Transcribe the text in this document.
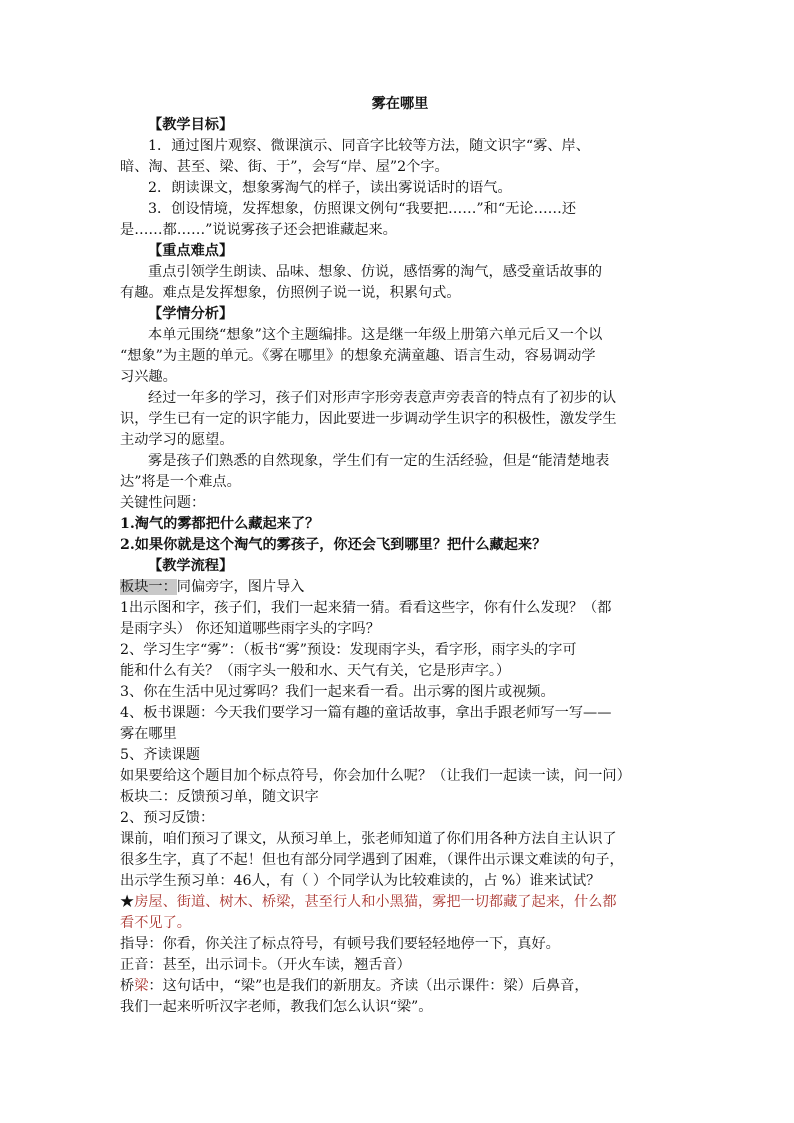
雾在哪里
【教学目标】
1．通过图片观察、微课演示、同音字比较等方法，随文识字“雾、岸、
暗、淘、甚至、梁、街、于”，会写“岸、屋”2个字。
2．朗读课文，想象雾淘气的样子，读出雾说话时的语气。
3．创设情境，发挥想象，仿照课文例句“我要把……”和“无论……还
是……都……”说说雾孩子还会把谁藏起来。
【重点难点】
重点引领学生朗读、品味、想象、仿说，感悟雾的淘气，感受童话故事的
有趣。难点是发挥想象，仿照例子说一说，积累句式。
【学情分析】
本单元围绕“想象”这个主题编排。这是继一年级上册第六单元后又一个以
“想象”为主题的单元。《雾在哪里》的想象充满童趣、语言生动，容易调动学
习兴趣。
经过一年多的学习，孩子们对形声字形旁表意声旁表音的特点有了初步的认
识，学生已有一定的识字能力，因此要进一步调动学生识字的积极性，激发学生
主动学习的愿望。
雾是孩子们熟悉的自然现象，学生们有一定的生活经验，但是“能清楚地表
达”将是一个难点。
关键性问题：
1.淘气的雾都把什么藏起来了？
2.如果你就是这个淘气的雾孩子，你还会飞到哪里？把什么藏起来？
【教学流程】
板块一：同偏旁字，图片导入
1出示图和字，孩子们，我们一起来猜一猜。看看这些字，你有什么发现？（都
是雨字头） 你还知道哪些雨字头的字吗？
2、学习生字“雾”：（板书“雾”预设：发现雨字头，看字形，雨字头的字可
能和什么有关？（雨字头一般和水、天气有关，它是形声字。）
3、你在生活中见过雾吗？我们一起来看一看。出示雾的图片或视频。
4、板书课题：今天我们要学习一篇有趣的童话故事，拿出手跟老师写一写——
雾在哪里
5、齐读课题
如果要给这个题目加个标点符号，你会加什么呢？（让我们一起读一读，问一问）
板块二：反馈预习单，随文识字
2、预习反馈：
课前，咱们预习了课文，从预习单上，张老师知道了你们用各种方法自主认识了
很多生字，真了不起！但也有部分同学遇到了困难，（课件出示课文难读的句子，
出示学生预习单：46人，有（ ）个同学认为比较难读的，占 %）谁来试试？
★房屋、街道、树木、桥梁，甚至行人和小黑猫，雾把一切都藏了起来，什么都
看不见了。
指导：你看，你关注了标点符号，有顿号我们要轻轻地停一下，真好。
正音：甚至，出示词卡。（开火车读，翘舌音）
桥梁：这句话中，“梁”也是我们的新朋友。齐读（出示课件：梁）后鼻音，
我们一起来听听汉字老师，教我们怎么认识“梁”。
